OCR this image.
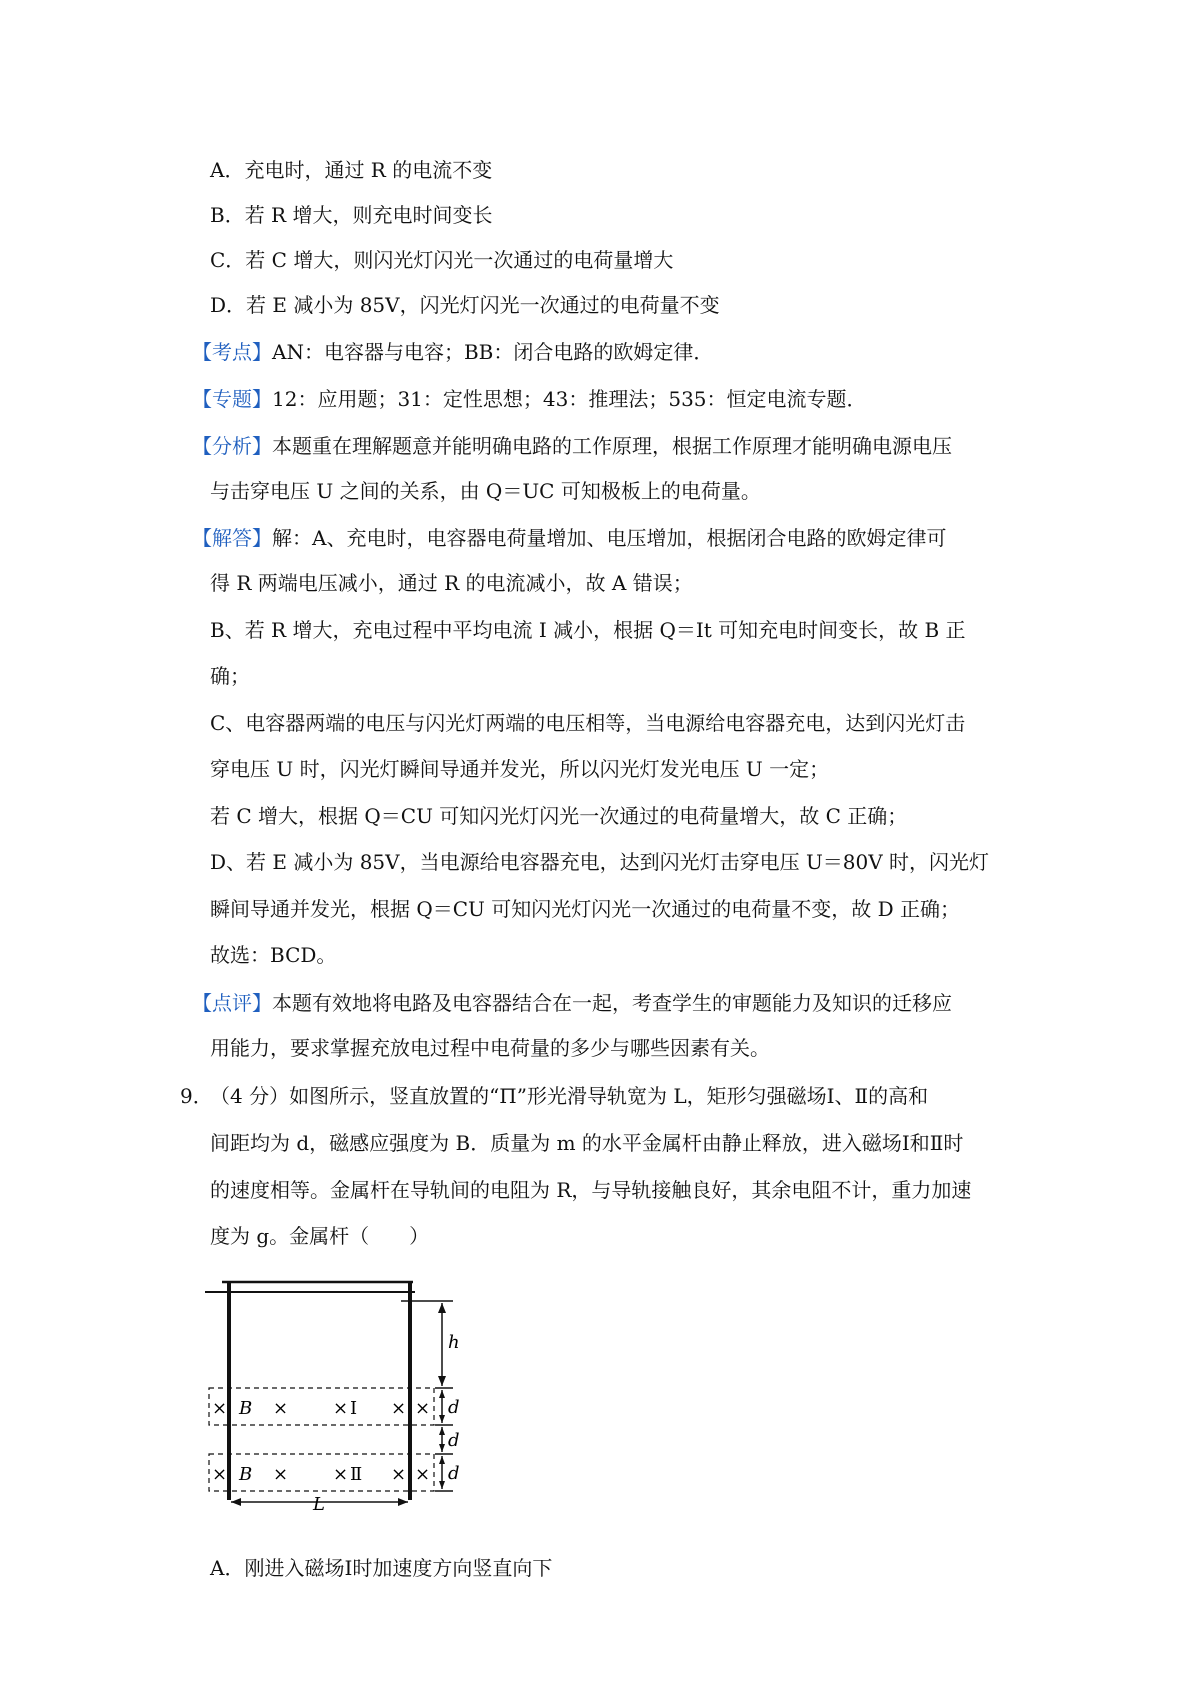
A．充电时，通过 R 的电流不变
B．若 R 增大，则充电时间变长
C．若 C 增大，则闪光灯闪光一次通过的电荷量增大
D．若 E 减小为 85V，闪光灯闪光一次通过的电荷量不变
【考点】AN：电容器与电容；BB：闭合电路的欧姆定律．
【专题】12：应用题；31：定性思想；43：推理法；535：恒定电流专题．
【分析】本题重在理解题意并能明确电路的工作原理，根据工作原理才能明确电源电压
与击穿电压 U 之间的关系，由 Q＝UC 可知极板上的电荷量。
【解答】解：A、充电时，电容器电荷量增加、电压增加，根据闭合电路的欧姆定律可
得 R 两端电压减小，通过 R 的电流减小，故 A 错误；
B、若 R 增大，充电过程中平均电流 I 减小，根据 Q＝It 可知充电时间变长，故 B 正
确；
C、电容器两端的电压与闪光灯两端的电压相等，当电源给电容器充电，达到闪光灯击
穿电压 U 时，闪光灯瞬间导通并发光，所以闪光灯发光电压 U 一定；
若 C 增大，根据 Q＝CU 可知闪光灯闪光一次通过的电荷量增大，故 C 正确；
D、若 E 减小为 85V，当电源给电容器充电，达到闪光灯击穿电压 U＝80V 时，闪光灯
瞬间导通并发光，根据 Q＝CU 可知闪光灯闪光一次通过的电荷量不变，故 D 正确；
故选：BCD。
【点评】本题有效地将电路及电容器结合在一起，考查学生的审题能力及知识的迁移应
用能力，要求掌握充放电过程中电荷量的多少与哪些因素有关。
9．
（4 分）如图所示，竖直放置的“Π”形光滑导轨宽为 L，矩形匀强磁场Ⅰ、Ⅱ的高和
间距均为 d，磁感应强度为 B．质量为 m 的水平金属杆由静止释放，进入磁场Ⅰ和Ⅱ时
的速度相等。金属杆在导轨间的电阻为 R，与导轨接触良好，其余电阻不计，重力加速
度为 g。金属杆（　　）
× B × × Ⅰ × ×
× B × × Ⅱ × ×
h
d
d
d
L
A．刚进入磁场Ⅰ时加速度方向竖直向下
